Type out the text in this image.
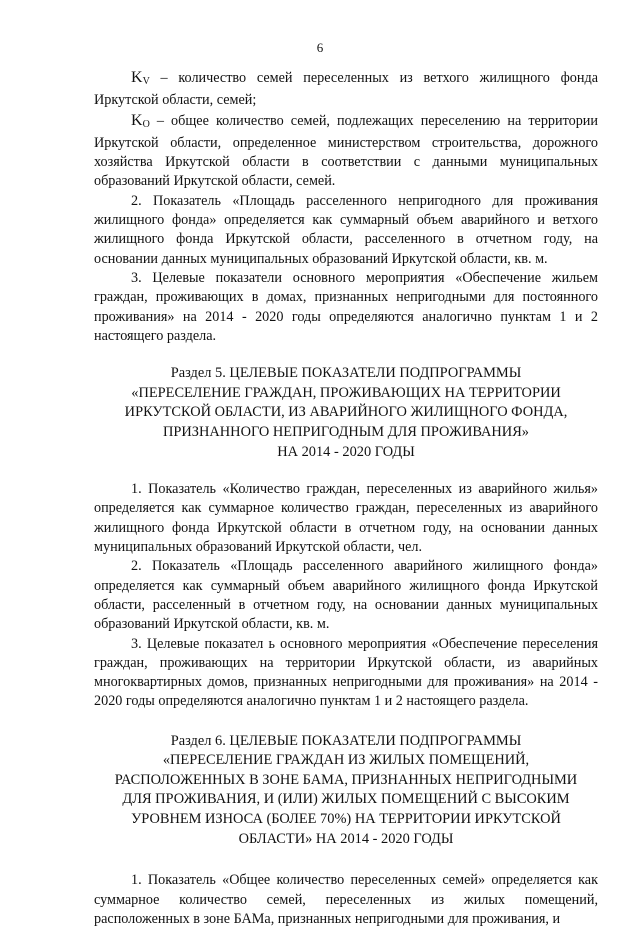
6

$K_V$ – количество семей переселенных из ветхого жилищного фонда Иркутской области, семей;

$K_O$ – общее количество семей, подлежащих переселению на территории Иркутской области, определенное министерством строительства, дорожного хозяйства Иркутской области в соответствии с данными муниципальных образований Иркутской области, семей.

2. Показатель «Площадь расселенного непригодного для проживания жилищного фонда» определяется как суммарный объем аварийного и ветхого жилищного фонда Иркутской области, расселенного в отчетном году, на основании данных муниципальных образований Иркутской области, кв. м.

3. Целевые показатели основного мероприятия «Обеспечение жильем граждан, проживающих в домах, признанных непригодными для постоянного проживания» на 2014 - 2020 годы определяются аналогично пунктам 1 и 2 настоящего раздела.

Раздел 5. ЦЕЛЕВЫЕ ПОКАЗАТЕЛИ ПОДПРОГРАММЫ
«ПЕРЕСЕЛЕНИЕ ГРАЖДАН, ПРОЖИВАЮЩИХ НА ТЕРРИТОРИИ
ИРКУТСКОЙ ОБЛАСТИ, ИЗ АВАРИЙНОГО ЖИЛИЩНОГО ФОНДА,
ПРИЗНАННОГО НЕПРИГОДНЫМ ДЛЯ ПРОЖИВАНИЯ»
НА 2014 - 2020 ГОДЫ

1. Показатель «Количество граждан, переселенных из аварийного жилья» определяется как суммарное количество граждан, переселенных из аварийного жилищного фонда Иркутской области в отчетном году, на основании данных муниципальных образований Иркутской области, чел.

2. Показатель «Площадь расселенного аварийного жилищного фонда» определяется как суммарный объем аварийного жилищного фонда Иркутской области, расселенный в отчетном году, на основании данных муниципальных образований Иркутской области, кв. м.

3. Целевые показател ь основного мероприятия «Обеспечение переселения граждан, проживающих на территории Иркутской области, из аварийных многоквартирных домов, признанных непригодными для проживания» на 2014 - 2020 годы определяются аналогично пунктам 1 и 2 настоящего раздела.

Раздел 6. ЦЕЛЕВЫЕ ПОКАЗАТЕЛИ ПОДПРОГРАММЫ
«ПЕРЕСЕЛЕНИЕ ГРАЖДАН ИЗ ЖИЛЫХ ПОМЕЩЕНИЙ,
РАСПОЛОЖЕННЫХ В ЗОНЕ БАМА, ПРИЗНАННЫХ НЕПРИГОДНЫМИ
ДЛЯ ПРОЖИВАНИЯ, И (ИЛИ) ЖИЛЫХ ПОМЕЩЕНИЙ С ВЫСОКИМ
УРОВНЕМ ИЗНОСА (БОЛЕЕ 70%) НА ТЕРРИТОРИИ ИРКУТСКОЙ
ОБЛАСТИ» НА 2014 - 2020 ГОДЫ

1. Показатель «Общее количество переселенных семей» определяется как суммарное количество семей, переселенных из жилых помещений, расположенных в зоне БАМа, признанных непригодными для проживания, и
